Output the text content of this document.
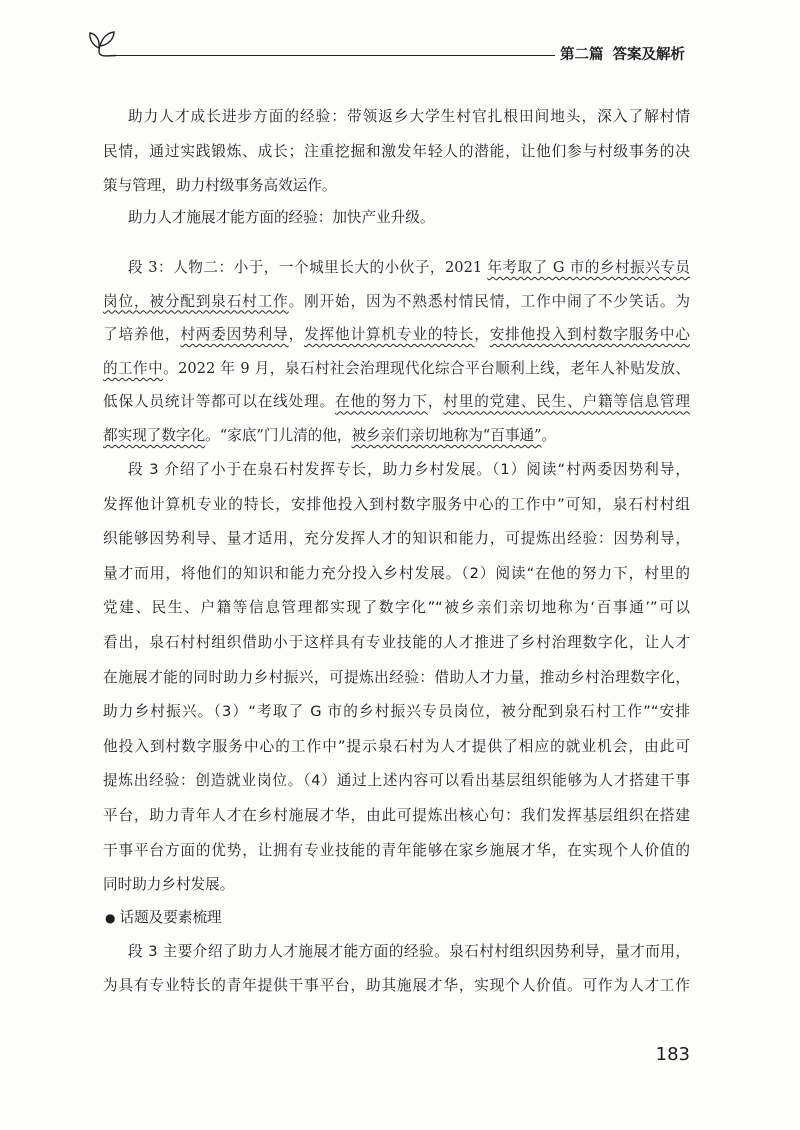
第二篇 答案及解析
助力人才成长进步方面的经验：带领返乡大学生村官扎根田间地头，深入了解村情
民情，通过实践锻炼、成长；注重挖掘和激发年轻人的潜能，让他们参与村级事务的决
策与管理，助力村级事务高效运作。
助力人才施展才能方面的经验：加快产业升级。
段 3：人物二：小于，一个城里长大的小伙子，2021 年考取了 G 市的乡村振兴专员
岗位，被分配到泉石村工作。刚开始，因为不熟悉村情民情，工作中闹了不少笑话。为
了培养他，村两委因势利导，发挥他计算机专业的特长，安排他投入到村数字服务中心
的工作中。2022 年 9 月，泉石村社会治理现代化综合平台顺利上线，老年人补贴发放、
低保人员统计等都可以在线处理。在他的努力下，村里的党建、民生、户籍等信息管理
都实现了数字化。“家底”门儿清的他，被乡亲们亲切地称为“百事通”。
段 3 介绍了小于在泉石村发挥专长，助力乡村发展。（1）阅读“村两委因势利导，
发挥他计算机专业的特长，安排他投入到村数字服务中心的工作中”可知，泉石村村组
织能够因势利导、量才适用，充分发挥人才的知识和能力，可提炼出经验：因势利导，
量才而用，将他们的知识和能力充分投入乡村发展。（2）阅读“在他的努力下，村里的
党建、民生、户籍等信息管理都实现了数字化”“被乡亲们亲切地称为‘百事通’”可以
看出，泉石村村组织借助小于这样具有专业技能的人才推进了乡村治理数字化，让人才
在施展才能的同时助力乡村振兴，可提炼出经验：借助人才力量，推动乡村治理数字化，
助力乡村振兴。（3）“考取了 G 市的乡村振兴专员岗位，被分配到泉石村工作”“安排
他投入到村数字服务中心的工作中”提示泉石村为人才提供了相应的就业机会，由此可
提炼出经验：创造就业岗位。（4）通过上述内容可以看出基层组织能够为人才搭建干事
平台，助力青年人才在乡村施展才华，由此可提炼出核心句：我们发挥基层组织在搭建
干事平台方面的优势，让拥有专业技能的青年能够在家乡施展才华，在实现个人价值的
同时助力乡村发展。
● 话题及要素梳理
段 3 主要介绍了助力人才施展才能方面的经验。泉石村村组织因势利导，量才而用，
为具有专业特长的青年提供干事平台，助其施展才华，实现个人价值。可作为人才工作
183
